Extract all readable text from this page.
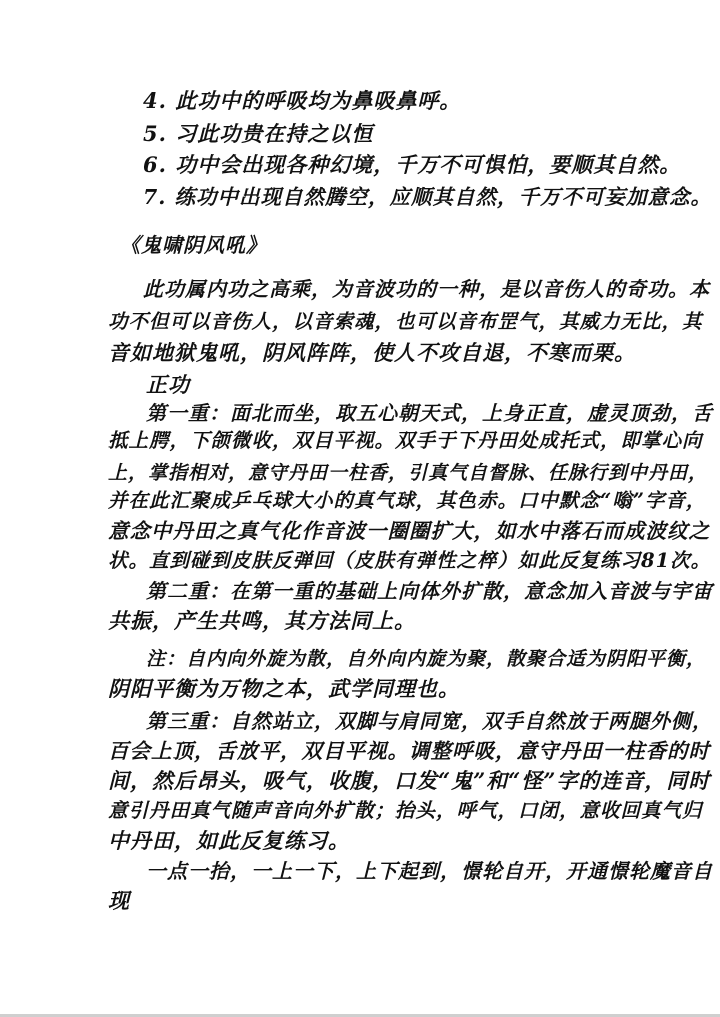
4. 此功中的呼吸均为鼻吸鼻呼。
5. 习此功贵在持之以恒
6. 功中会出现各种幻境，千万不可惧怕，要顺其自然。
7. 练功中出现自然腾空，应顺其自然，千万不可妄加意念。
《鬼啸阴风吼》
此功属内功之高乘，为音波功的一种，是以音伤人的奇功。本
功不但可以音伤人，以音索魂，也可以音布罡气，其威力无比，其
音如地狱鬼吼，阴风阵阵，使人不攻自退，不寒而栗。
正功
第一重：面北而坐，取五心朝天式，上身正直，虚灵顶劲，舌
抵上腭，下颌微收，双目平视。双手于下丹田处成托式，即掌心向
上，掌指相对，意守丹田一柱香，引真气自督脉、任脉行到中丹田，
并在此汇聚成乒乓球大小的真气球，其色赤。口中默念“嗡”字音，
意念中丹田之真气化作音波一圈圈扩大，如水中落石而成波纹之
状。直到碰到皮肤反弹回（皮肤有弹性之椊）如此反复练习81次。
第二重：在第一重的基础上向体外扩散，意念加入音波与宇宙
共振，产生共鸣，其方法同上。
注：自内向外旋为散，自外向内旋为聚，散聚合适为阴阳平衡，
阴阳平衡为万物之本，武学同理也。
第三重：自然站立，双脚与肩同宽，双手自然放于两腿外侧，
百会上顶，舌放平，双目平视。调整呼吸，意守丹田一柱香的时
间，然后昂头，吸气，收腹，口发“鬼”和“怪”字的连音，同时
意引丹田真气随声音向外扩散；抬头，呼气，口闭，意收回真气归
中丹田，如此反复练习。
一点一抬，一上一下，上下起到，憬轮自开，开通憬轮魔音自
现
